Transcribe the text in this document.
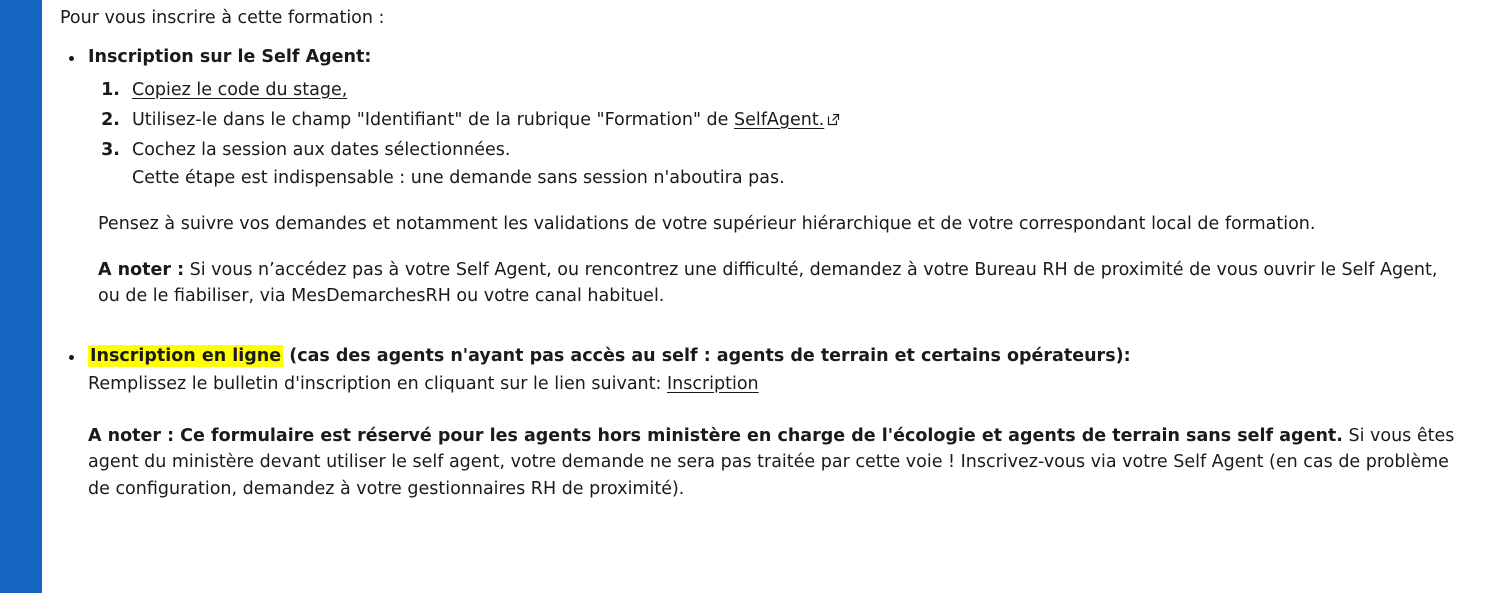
Pour vous inscrire à cette formation :

Inscription sur le Self Agent:
1. Copiez le code du stage,
2. Utilisez-le dans le champ "Identifiant" de la rubrique "Formation" de SelfAgent.
3. Cochez la session aux dates sélectionnées.
Cette étape est indispensable : une demande sans session n'aboutira pas.

Pensez à suivre vos demandes et notamment les validations de votre supérieur hiérarchique et de votre correspondant local de formation.

A noter : Si vous n’accédez pas à votre Self Agent, ou rencontrez une difficulté, demandez à votre Bureau RH de proximité de vous ouvrir le Self Agent, ou de le fiabiliser, via MesDemarchesRH ou votre canal habituel.

Inscription en ligne (cas des agents n'ayant pas accès au self : agents de terrain et certains opérateurs):
Remplissez le bulletin d'inscription en cliquant sur le lien suivant: Inscription

A noter : Ce formulaire est réservé pour les agents hors ministère en charge de l'écologie et agents de terrain sans self agent. Si vous êtes agent du ministère devant utiliser le self agent, votre demande ne sera pas traitée par cette voie ! Inscrivez-vous via votre Self Agent (en cas de problème de configuration, demandez à votre gestionnaires RH de proximité).
